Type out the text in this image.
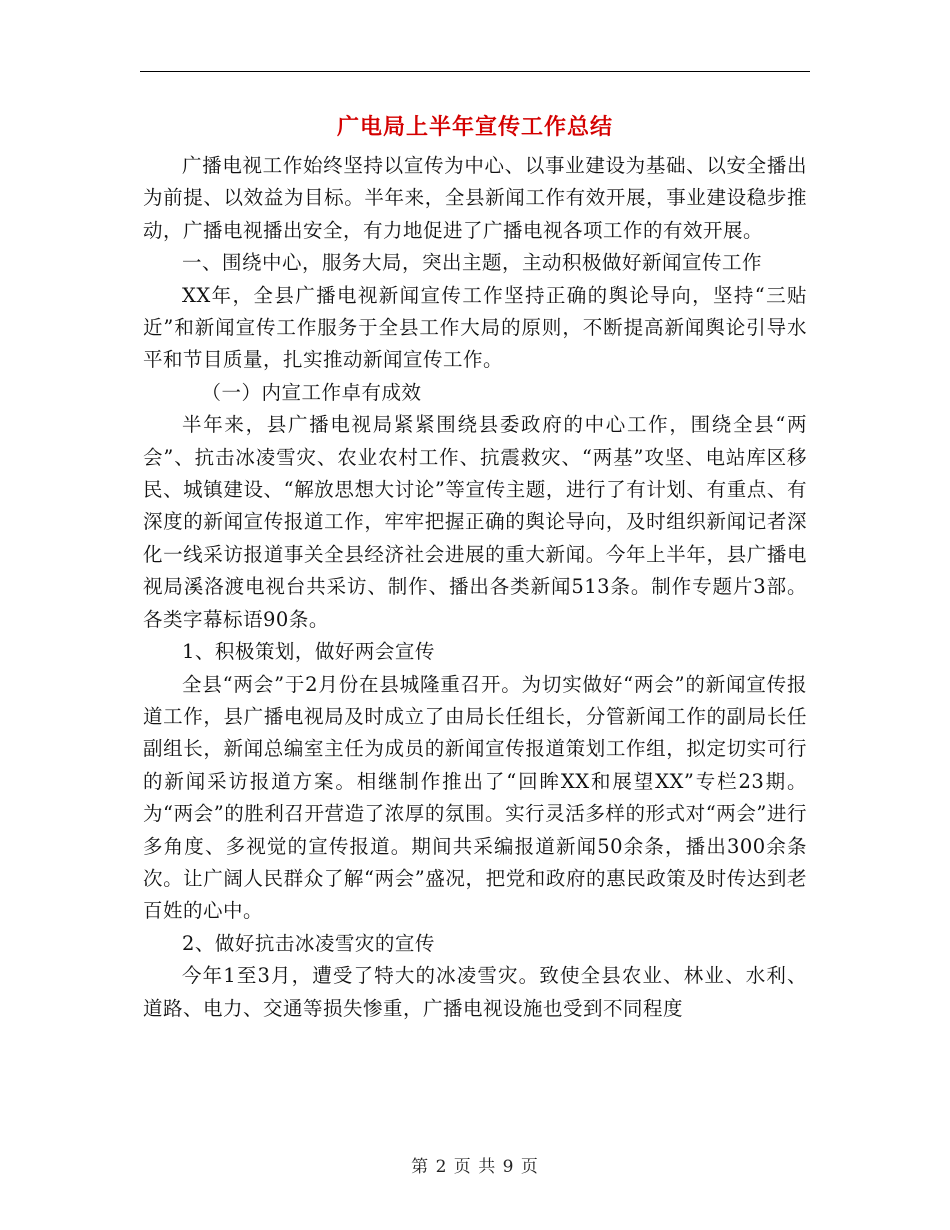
广电局上半年宣传工作总结

广播电视工作始终坚持以宣传为中心、以事业建设为基础、以安全播出为前提、以效益为目标。半年来，全县新闻工作有效开展，事业建设稳步推动，广播电视播出安全，有力地促进了广播电视各项工作的有效开展。

一、围绕中心，服务大局，突出主题，主动积极做好新闻宣传工作

XX年，全县广播电视新闻宣传工作坚持正确的舆论导向，坚持“三贴近”和新闻宣传工作服务于全县工作大局的原则，不断提高新闻舆论引导水平和节目质量，扎实推动新闻宣传工作。

（一）内宣工作卓有成效

半年来，县广播电视局紧紧围绕县委政府的中心工作，围绕全县“两会”、抗击冰凌雪灾、农业农村工作、抗震救灾、“两基”攻坚、电站库区移民、城镇建设、“解放思想大讨论”等宣传主题，进行了有计划、有重点、有深度的新闻宣传报道工作，牢牢把握正确的舆论导向，及时组织新闻记者深化一线采访报道事关全县经济社会进展的重大新闻。今年上半年，县广播电视局溪洛渡电视台共采访、制作、播出各类新闻513条。制作专题片3部。各类字幕标语90条。

1、积极策划，做好两会宣传

全县“两会”于2月份在县城隆重召开。为切实做好“两会”的新闻宣传报道工作，县广播电视局及时成立了由局长任组长，分管新闻工作的副局长任副组长，新闻总编室主任为成员的新闻宣传报道策划工作组，拟定切实可行的新闻采访报道方案。相继制作推出了“回眸XX和展望XX”专栏23期。为“两会”的胜利召开营造了浓厚的氛围。实行灵活多样的形式对“两会”进行多角度、多视觉的宣传报道。期间共采编报道新闻50余条，播出300余条次。让广阔人民群众了解“两会”盛况，把党和政府的惠民政策及时传达到老百姓的心中。

2、做好抗击冰凌雪灾的宣传

今年1至3月，遭受了特大的冰凌雪灾。致使全县农业、林业、水利、道路、电力、交通等损失惨重，广播电视设施也受到不同程度

第 2 页 共 9 页
